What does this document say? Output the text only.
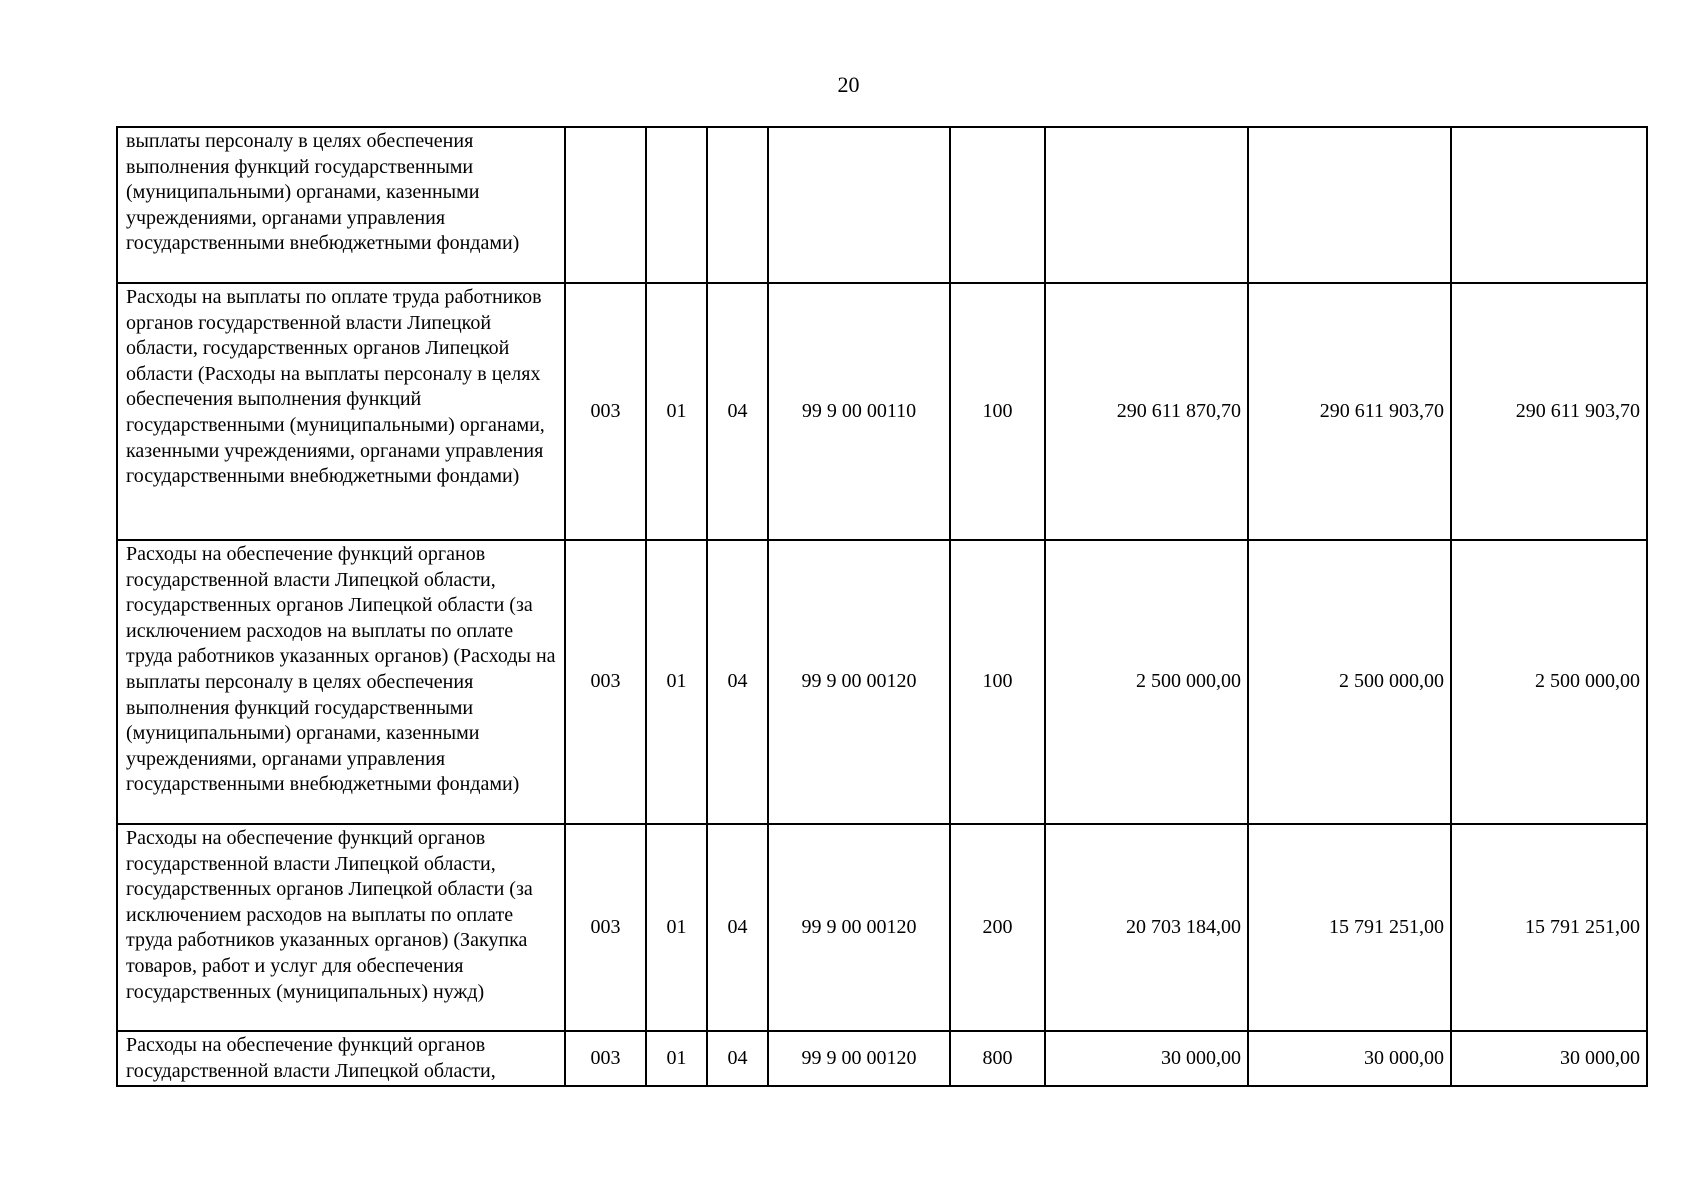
20
выплаты персоналу в целях обеспечения выполнения функций государственными (муниципальными) органами, казенными учреждениями, органами управления государственными внебюджетными фондами)								
Расходы на выплаты по оплате труда работников органов государственной власти Липецкой области, государственных органов Липецкой области (Расходы на выплаты персоналу в целях обеспечения выполнения функций государственными (муниципальными) органами, казенными учреждениями, органами управления государственными внебюджетными фондами)	003	01	04	99 9 00 00110	100	290 611 870,70	290 611 903,70	290 611 903,70
Расходы на обеспечение функций органов государственной власти Липецкой области, государственных органов Липецкой области (за исключением расходов на выплаты по оплате труда работников указанных органов) (Расходы на выплаты персоналу в целях обеспечения выполнения функций государственными (муниципальными) органами, казенными учреждениями, органами управления государственными внебюджетными фондами)	003	01	04	99 9 00 00120	100	2 500 000,00	2 500 000,00	2 500 000,00
Расходы на обеспечение функций органов государственной власти Липецкой области, государственных органов Липецкой области (за исключением расходов на выплаты по оплате труда работников указанных органов) (Закупка товаров, работ и услуг для обеспечения государственных (муниципальных) нужд)	003	01	04	99 9 00 00120	200	20 703 184,00	15 791 251,00	15 791 251,00
Расходы на обеспечение функций органов государственной власти Липецкой области,	003	01	04	99 9 00 00120	800	30 000,00	30 000,00	30 000,00
